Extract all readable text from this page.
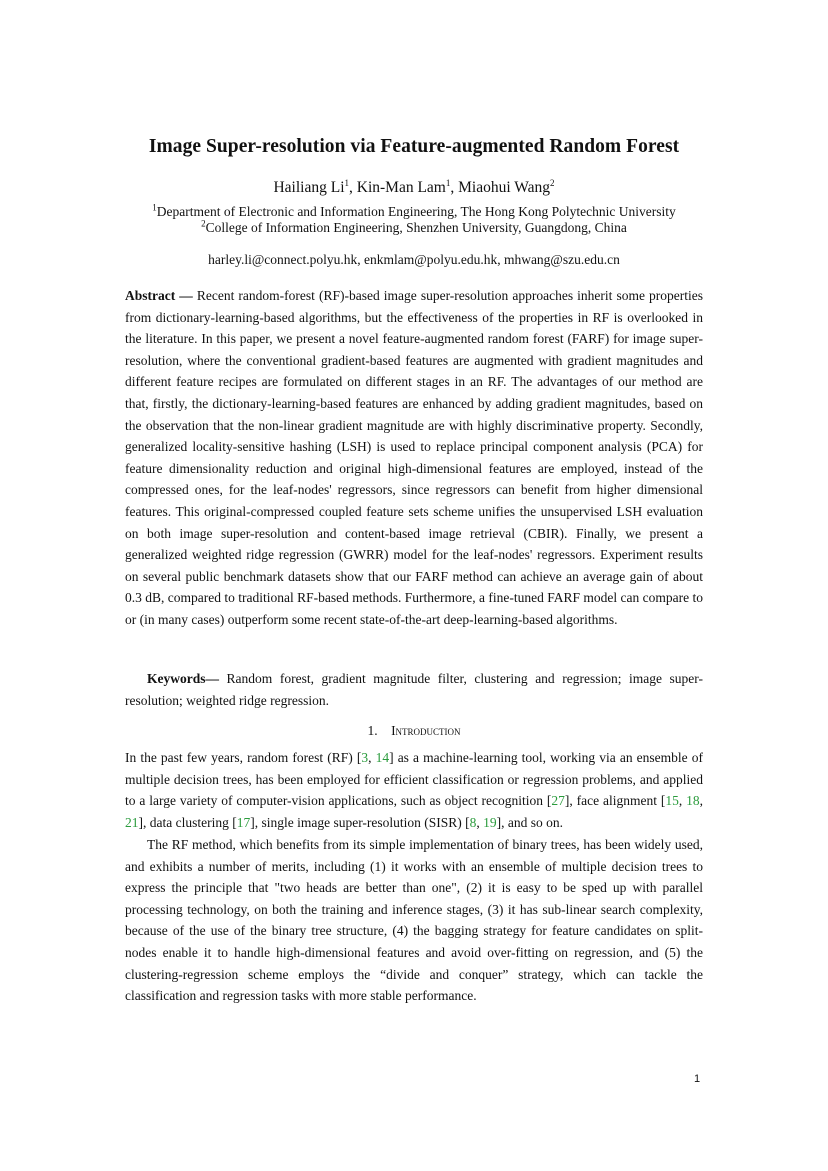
Image Super-resolution via Feature-augmented Random Forest
Hailiang Li$^1$, Kin-Man Lam$^1$, Miaohui Wang$^2$
$^1$Department of Electronic and Information Engineering, The Hong Kong Polytechnic University
$^2$College of Information Engineering, Shenzhen University, Guangdong, China
harley.li@connect.polyu.hk, enkmlam@polyu.edu.hk, mhwang@szu.edu.cn
Abstract — Recent random-forest (RF)-based image super-resolution approaches inherit some properties from dictionary-learning-based algorithms, but the effectiveness of the properties in RF is overlooked in the literature. In this paper, we present a novel feature-augmented random forest (FARF) for image super-resolution, where the conventional gradient-based features are augmented with gradient magnitudes and different feature recipes are formulated on different stages in an RF. The advantages of our method are that, firstly, the dictionary-learning-based features are enhanced by adding gradient magnitudes, based on the observation that the non-linear gradient magnitude are with highly discriminative property. Secondly, generalized locality-sensitive hashing (LSH) is used to replace principal component analysis (PCA) for feature dimensionality reduction and original high-dimensional features are employed, instead of the compressed ones, for the leaf-nodes' regressors, since regressors can benefit from higher dimensional features. This original-compressed coupled feature sets scheme unifies the unsupervised LSH evaluation on both image super-resolution and content-based image retrieval (CBIR). Finally, we present a generalized weighted ridge regression (GWRR) model for the leaf-nodes' regressors. Experiment results on several public benchmark datasets show that our FARF method can achieve an average gain of about 0.3 dB, compared to traditional RF-based methods. Furthermore, a fine-tuned FARF model can compare to or (in many cases) outperform some recent state-of-the-art deep-learning-based algorithms.
Keywords— Random forest, gradient magnitude filter, clustering and regression; image super-resolution; weighted ridge regression.
1. Introduction
In the past few years, random forest (RF) [3, 14] as a machine-learning tool, working via an ensemble of multiple decision trees, has been employed for efficient classification or regression problems, and applied to a large variety of computer-vision applications, such as object recognition [27], face alignment [15, 18, 21], data clustering [17], single image super-resolution (SISR) [8, 19], and so on.
The RF method, which benefits from its simple implementation of binary trees, has been widely used, and exhibits a number of merits, including (1) it works with an ensemble of multiple decision trees to express the principle that "two heads are better than one", (2) it is easy to be sped up with parallel processing technology, on both the training and inference stages, (3) it has sub-linear search complexity, because of the use of the binary tree structure, (4) the bagging strategy for feature candidates on split-nodes enable it to handle high-dimensional features and avoid over-fitting on regression, and (5) the clustering-regression scheme employs the “divide and conquer” strategy, which can tackle the classification and regression tasks with more stable performance.
1
